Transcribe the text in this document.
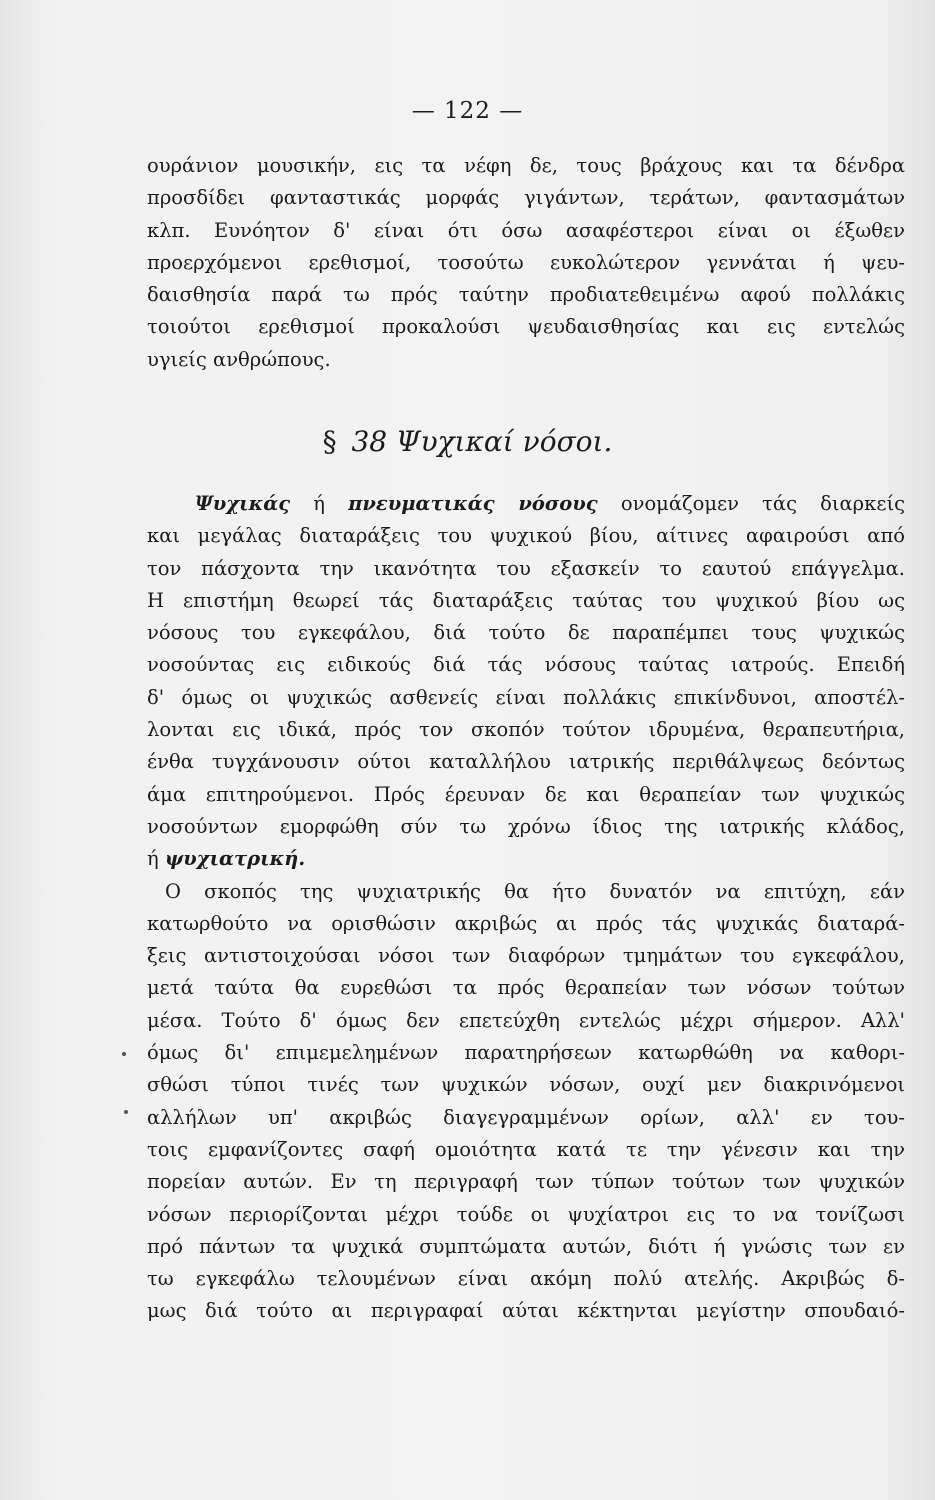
— 122 —
ουράνιον μουσικήν, εις τα νέφη δε, τους βράχους και τα δένδρα
προσδίδει φανταστικάς μορφάς γιγάντων, τεράτων, φαντασμάτων
κλπ. Ευνόητον δ' είναι ότι όσω ασαφέστεροι είναι οι έξωθεν
προερχόμενοι ερεθισμοί, τοσούτω ευκολώτερον γεννάται ή ψευ-
δαισθησία παρά τω πρός ταύτην προδιατεθειμένω αφού πολλάκις
τοιούτοι ερεθισμοί προκαλούσι ψευδαισθησίας και εις εντελώς
υγιείς ανθρώπους.
§ 38 Ψυχικαί νόσοι.
Ψυχικάς ή πνευματικάς νόσους ονομάζομεν τάς διαρκείς
και μεγάλας διαταράξεις του ψυχικού βίου, αίτινες αφαιρούσι από
τον πάσχοντα την ικανότητα του εξασκείν το εαυτού επάγγελμα.
Η επιστήμη θεωρεί τάς διαταράξεις ταύτας του ψυχικού βίου ως
νόσους του εγκεφάλου, διά τούτο δε παραπέμπει τους ψυχικώς
νοσούντας εις ειδικούς διά τάς νόσους ταύτας ιατρούς. Επειδή
δ' όμως οι ψυχικώς ασθενείς είναι πολλάκις επικίνδυνοι, αποστέλ-
λονται εις ιδικά, πρός τον σκοπόν τούτον ιδρυμένα, θεραπευτήρια,
ένθα τυγχάνουσιν ούτοι καταλλήλου ιατρικής περιθάλψεως δεόντως
άμα επιτηρούμενοι. Πρός έρευναν δε και θεραπείαν των ψυχικώς
νοσούντων εμορφώθη σύν τω χρόνω ίδιος της ιατρικής κλάδος,
ή ψυχιατρική.
Ο σκοπός της ψυχιατρικής θα ήτο δυνατόν να επιτύχη, εάν
κατωρθούτο να ορισθώσιν ακριβώς αι πρός τάς ψυχικάς διαταρά-
ξεις αντιστοιχούσαι νόσοι των διαφόρων τμημάτων του εγκεφάλου,
μετά ταύτα θα ευρεθώσι τα πρός θεραπείαν των νόσων τούτων
μέσα. Τούτο δ' όμως δεν επετεύχθη εντελώς μέχρι σήμερον. Αλλ'
όμως δι' επιμεμελημένων παρατηρήσεων κατωρθώθη να καθορι-
σθώσι τύποι τινές των ψυχικών νόσων, ουχί μεν διακρινόμενοι
αλλήλων υπ' ακριβώς διαγεγραμμένων ορίων, αλλ' εν του-
τοις εμφανίζοντες σαφή ομοιότητα κατά τε την γένεσιν και την
πορείαν αυτών. Εν τη περιγραφή των τύπων τούτων των ψυχικών
νόσων περιορίζονται μέχρι τούδε οι ψυχίατροι εις το να τονίζωσι
πρό πάντων τα ψυχικά συμπτώματα αυτών, διότι ή γνώσις των εν
τω εγκεφάλω τελουμένων είναι ακόμη πολύ ατελής. Ακριβώς δ-
μως διά τούτο αι περιγραφαί αύται κέκτηνται μεγίστην σπουδαιό-
